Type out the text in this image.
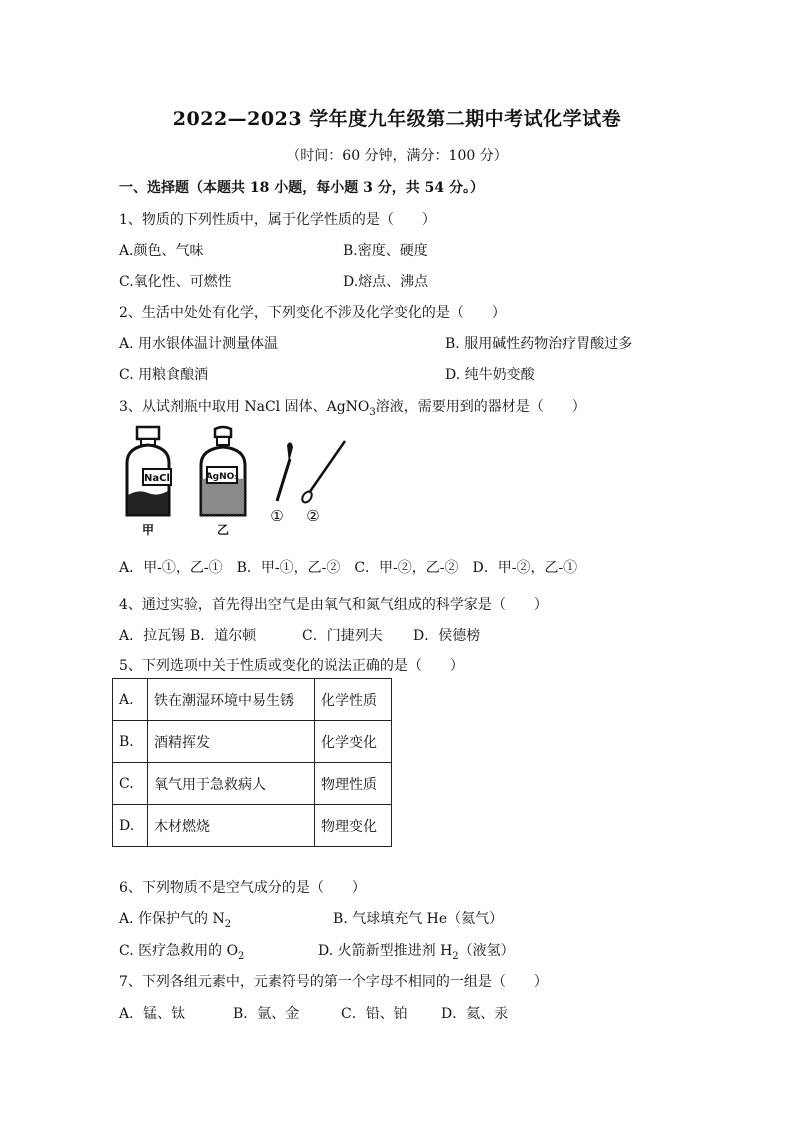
2022—2023 学年度九年级第二期中考试化学试卷
（时间：60 分钟，满分：100 分）
一、选择题（本题共 18 小题，每小题 3 分，共 54 分。）
1、物质的下列性质中，属于化学性质的是（　　）
A.颜色、气味	B.密度、硬度
C.氧化性、可燃性	D.熔点、沸点
2、生活中处处有化学，下列变化不涉及化学变化的是（　　）
A. 用水银体温计测量体温	B. 服用碱性药物治疗胃酸过多
C. 用粮食酿酒	D. 纯牛奶变酸
3、从试剂瓶中取用 NaCl 固体、AgNO$_3$溶液，需要用到的器材是（　　）
NaCl
甲
AgNO₃
乙
① ②
A．甲-①，乙-①　B．甲-①，乙-②　C．甲-②，乙-②　D．甲-②，乙-①
4、通过实验，首先得出空气是由氧气和氮气组成的科学家是（　　）
A．拉瓦锡 B．道尔顿	C．门捷列夫 D．侯德榜
5、下列选项中关于性质或变化的说法正确的是（　　）
A.	铁在潮湿环境中易生锈	化学性质
B.	酒精挥发	化学变化
C.	氧气用于急救病人	物理性质
D.	木材燃烧	物理变化
6、下列物质不是空气成分的是（　　）
A. 作保护气的 $N_2$	B. 气球填充气 He（氦气）
C. 医疗急救用的 $O_2$	D. 火箭新型推进剂 $H_2$（液氢）
7、下列各组元素中，元素符号的第一个字母不相同的一组是（　　）
A．锰、钛	B．氩、金	C．铅、铂 D．氦、汞
